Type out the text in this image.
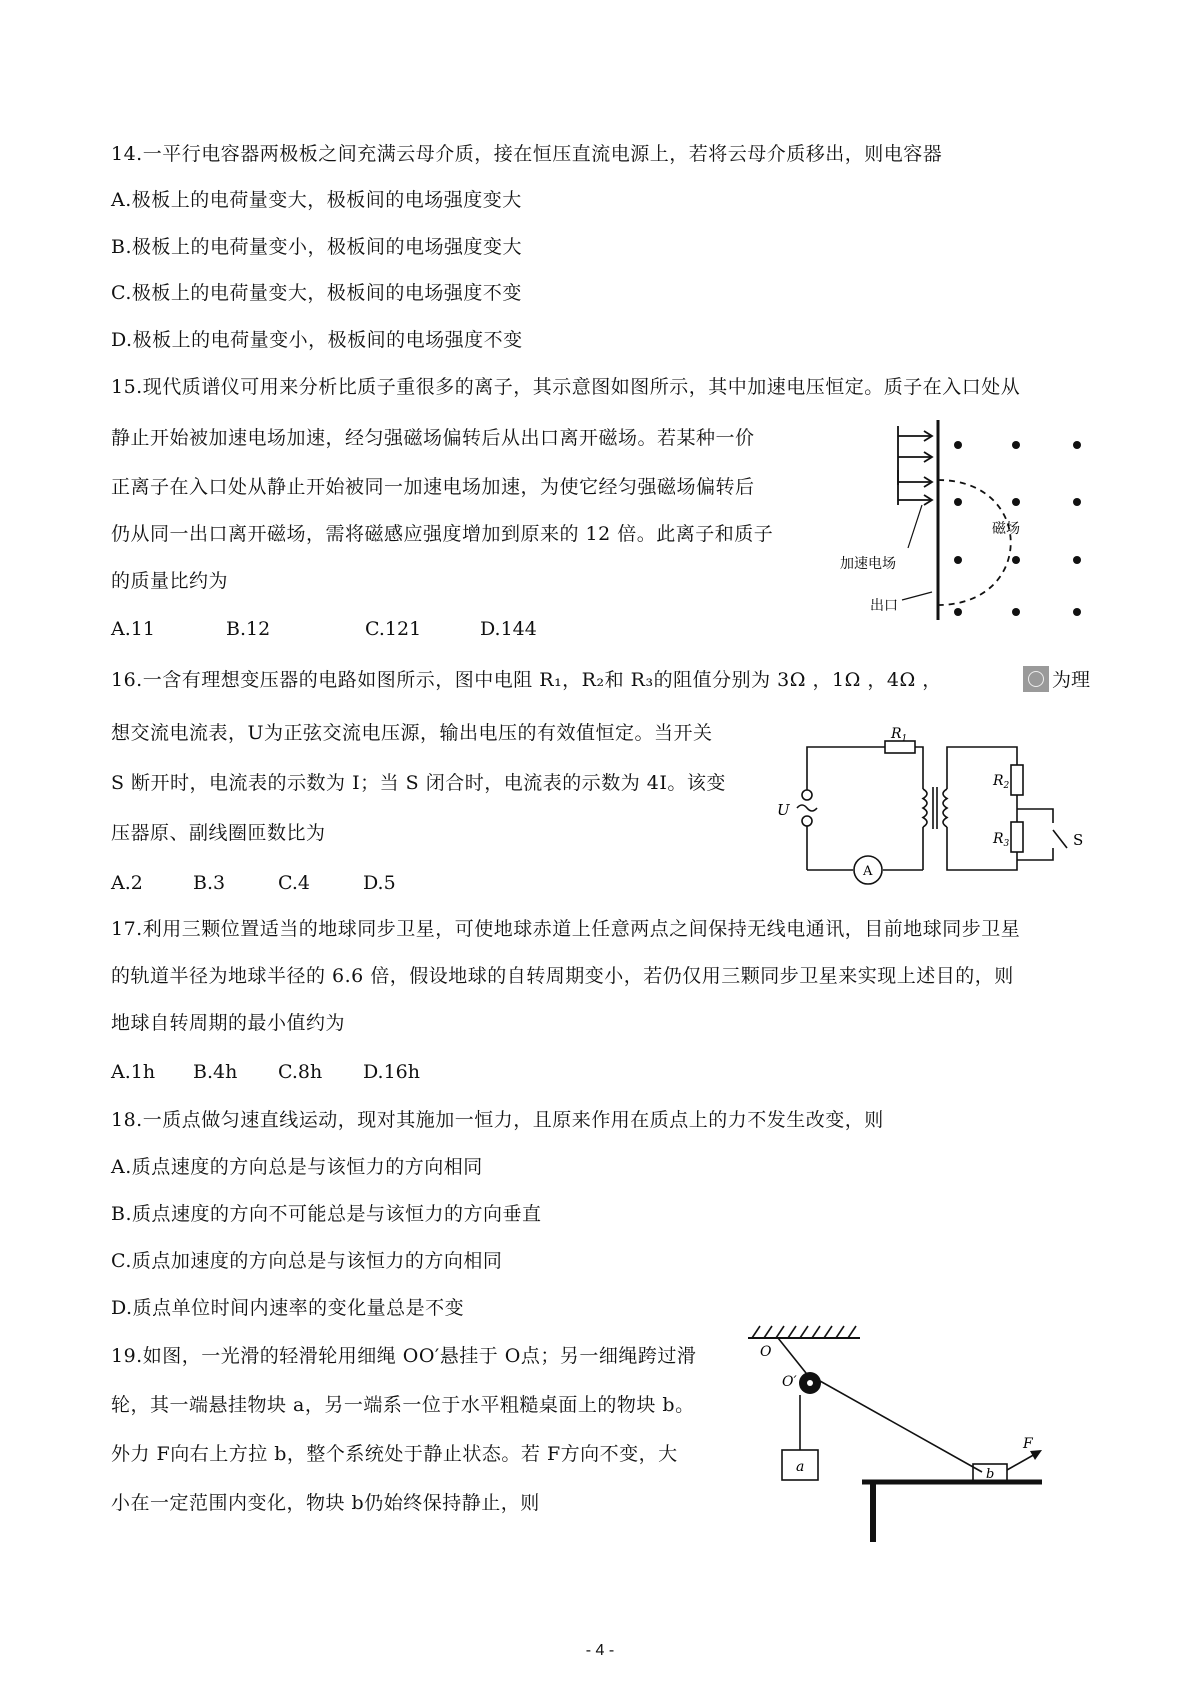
14.一平行电容器两极板之间充满云母介质，接在恒压直流电源上，若将云母介质移出，则电容器
A.极板上的电荷量变大，极板间的电场强度变大
B.极板上的电荷量变小，极板间的电场强度变大
C.极板上的电荷量变大，极板间的电场强度不变
D.极板上的电荷量变小，极板间的电场强度不变
15.现代质谱仪可用来分析比质子重很多的离子，其示意图如图所示，其中加速电压恒定。质子在入口处从
静止开始被加速电场加速，经匀强磁场偏转后从出口离开磁场。若某种一价
正离子在入口处从静止开始被同一加速电场加速，为使它经匀强磁场偏转后
仍从同一出口离开磁场，需将磁感应强度增加到原来的 12 倍。此离子和质子
的质量比约为
A.11	B.12	C.121	D.144
磁场
加速电场
出口
16.一含有理想变压器的电路如图所示，图中电阻 R₁，R₂和 R₃的阻值分别为 3Ω ，1Ω ，4Ω ，	为理
想交流电流表，U为正弦交流电压源，输出电压的有效值恒定。当开关
S 断开时，电流表的示数为 I；当 S 闭合时，电流表的示数为 4I。该变
压器原、副线圈匝数比为
A.2	B.3	C.4	D.5
$R_1$
U
A
$R_2$
$R_3$	S
17.利用三颗位置适当的地球同步卫星，可使地球赤道上任意两点之间保持无线电通讯，目前地球同步卫星
的轨道半径为地球半径的 6.6 倍，假设地球的自转周期变小，若仍仅用三颗同步卫星来实现上述目的，则
地球自转周期的最小值约为
A.1h B.4h C.8h D.16h
18.一质点做匀速直线运动，现对其施加一恒力，且原来作用在质点上的力不发生改变，则
A.质点速度的方向总是与该恒力的方向相同
B.质点速度的方向不可能总是与该恒力的方向垂直
C.质点加速度的方向总是与该恒力的方向相同
D.质点单位时间内速率的变化量总是不变
19.如图，一光滑的轻滑轮用细绳 OO′悬挂于 O点；另一细绳跨过滑
轮，其一端悬挂物块 a，另一端系一位于水平粗糙桌面上的物块 b。
外力 F向右上方拉 b，整个系统处于静止状态。若 F方向不变，大
小在一定范围内变化，物块 b仍始终保持静止，则
O
O′
a	b
F
- 4 -
